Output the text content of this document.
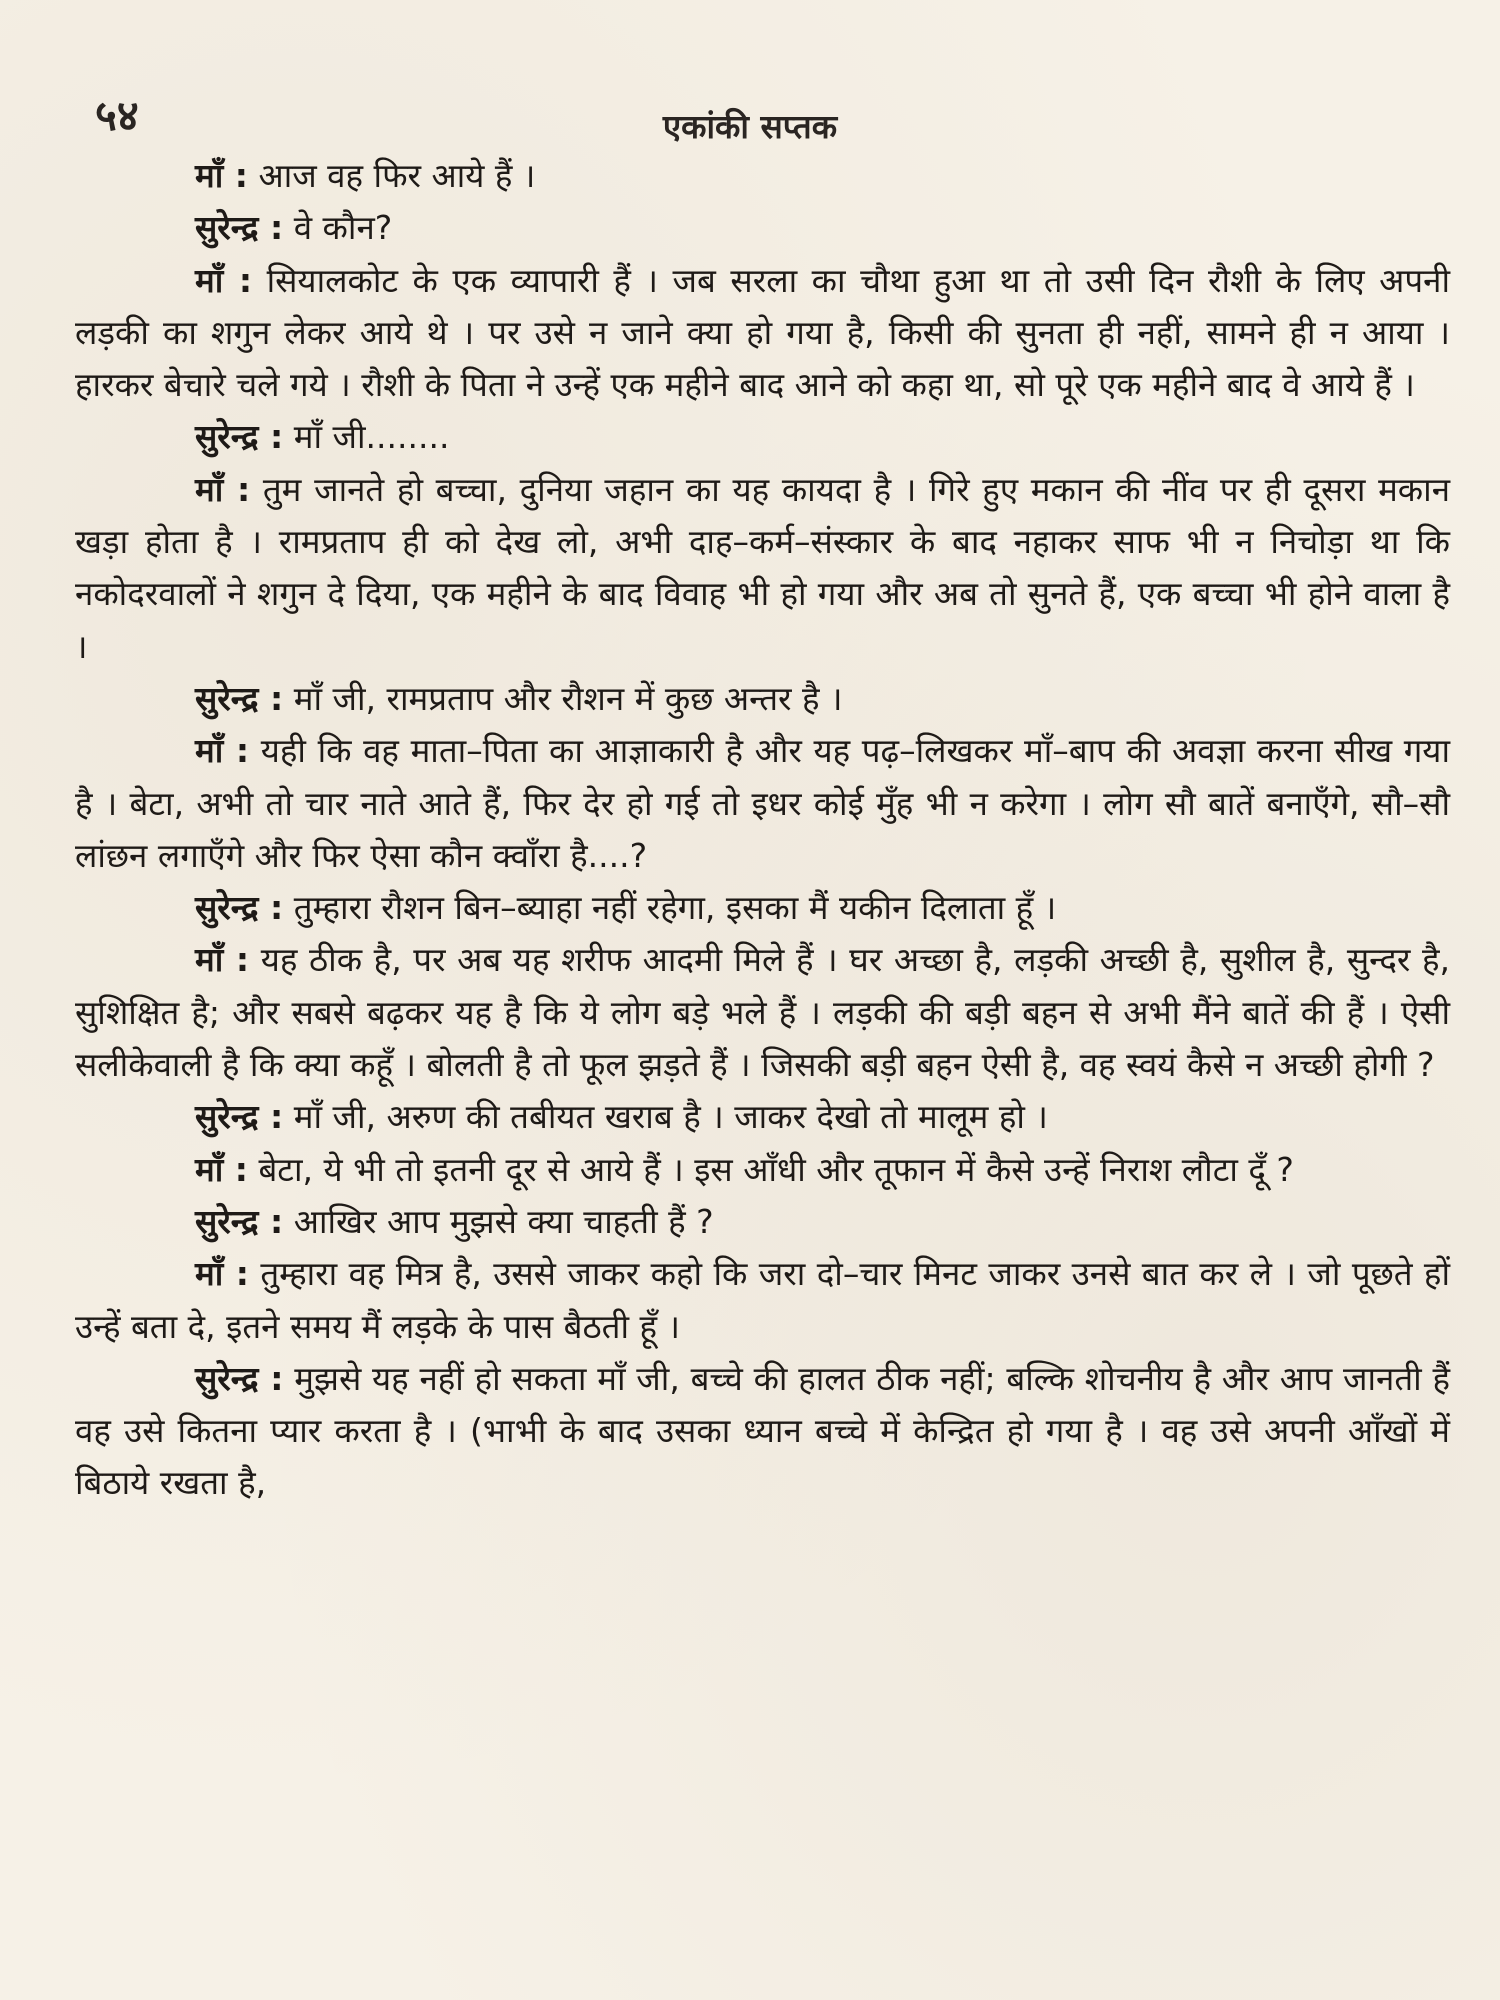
५४	एकांकी सप्तक

माँ : आज वह फिर आये हैं ।

सुरेन्द्र : वे कौन?

माँ : सियालकोट के एक व्यापारी हैं । जब सरला का चौथा हुआ था तो उसी दिन रौशी के लिए अपनी लड़की का शगुन लेकर आये थे । पर उसे न जाने क्या हो गया है, किसी की सुनता ही नहीं, सामने ही न आया । हारकर बेचारे चले गये । रौशी के पिता ने उन्हें एक महीने बाद आने को कहा था, सो पूरे एक महीने बाद वे आये हैं ।

सुरेन्द्र : माँ जी........

माँ : तुम जानते हो बच्चा, दुनिया जहान का यह कायदा है । गिरे हुए मकान की नींव पर ही दूसरा मकान खड़ा होता है । रामप्रताप ही को देख लो, अभी दाह–कर्म–संस्कार के बाद नहाकर साफ भी न निचोड़ा था कि नकोदरवालों ने शगुन दे दिया, एक महीने के बाद विवाह भी हो गया और अब तो सुनते हैं, एक बच्चा भी होने वाला है ।

सुरेन्द्र : माँ जी, रामप्रताप और रौशन में कुछ अन्तर है ।

माँ : यही कि वह माता–पिता का आज्ञाकारी है और यह पढ़–लिखकर माँ–बाप की अवज्ञा करना सीख गया है । बेटा, अभी तो चार नाते आते हैं, फिर देर हो गई तो इधर कोई मुँह भी न करेगा । लोग सौ बातें बनाएँगे, सौ–सौ लांछन लगाएँगे और फिर ऐसा कौन क्वाँरा है....?

सुरेन्द्र : तुम्हारा रौशन बिन–ब्याहा नहीं रहेगा, इसका मैं यकीन दिलाता हूँ ।

माँ : यह ठीक है, पर अब यह शरीफ आदमी मिले हैं । घर अच्छा है, लड़की अच्छी है, सुशील है, सुन्दर है, सुशिक्षित है; और सबसे बढ़कर यह है कि ये लोग बड़े भले हैं । लड़की की बड़ी बहन से अभी मैंने बातें की हैं । ऐसी सलीकेवाली है कि क्या कहूँ । बोलती है तो फूल झड़ते हैं । जिसकी बड़ी बहन ऐसी है, वह स्वयं कैसे न अच्छी होगी ?

सुरेन्द्र : माँ जी, अरुण की तबीयत खराब है । जाकर देखो तो मालूम हो ।

माँ : बेटा, ये भी तो इतनी दूर से आये हैं । इस आँधी और तूफान में कैसे उन्हें निराश लौटा दूँ ?

सुरेन्द्र : आखिर आप मुझसे क्या चाहती हैं ?

माँ : तुम्हारा वह मित्र है, उससे जाकर कहो कि जरा दो–चार मिनट जाकर उनसे बात कर ले । जो पूछते हों उन्हें बता दे, इतने समय मैं लड़के के पास बैठती हूँ ।

सुरेन्द्र : मुझसे यह नहीं हो सकता माँ जी, बच्चे की हालत ठीक नहीं; बल्कि शोचनीय है और आप जानती हैं वह उसे कितना प्यार करता है । (भाभी के बाद उसका ध्यान बच्चे में केन्द्रित हो गया है । वह उसे अपनी आँखों में बिठाये रखता है,
